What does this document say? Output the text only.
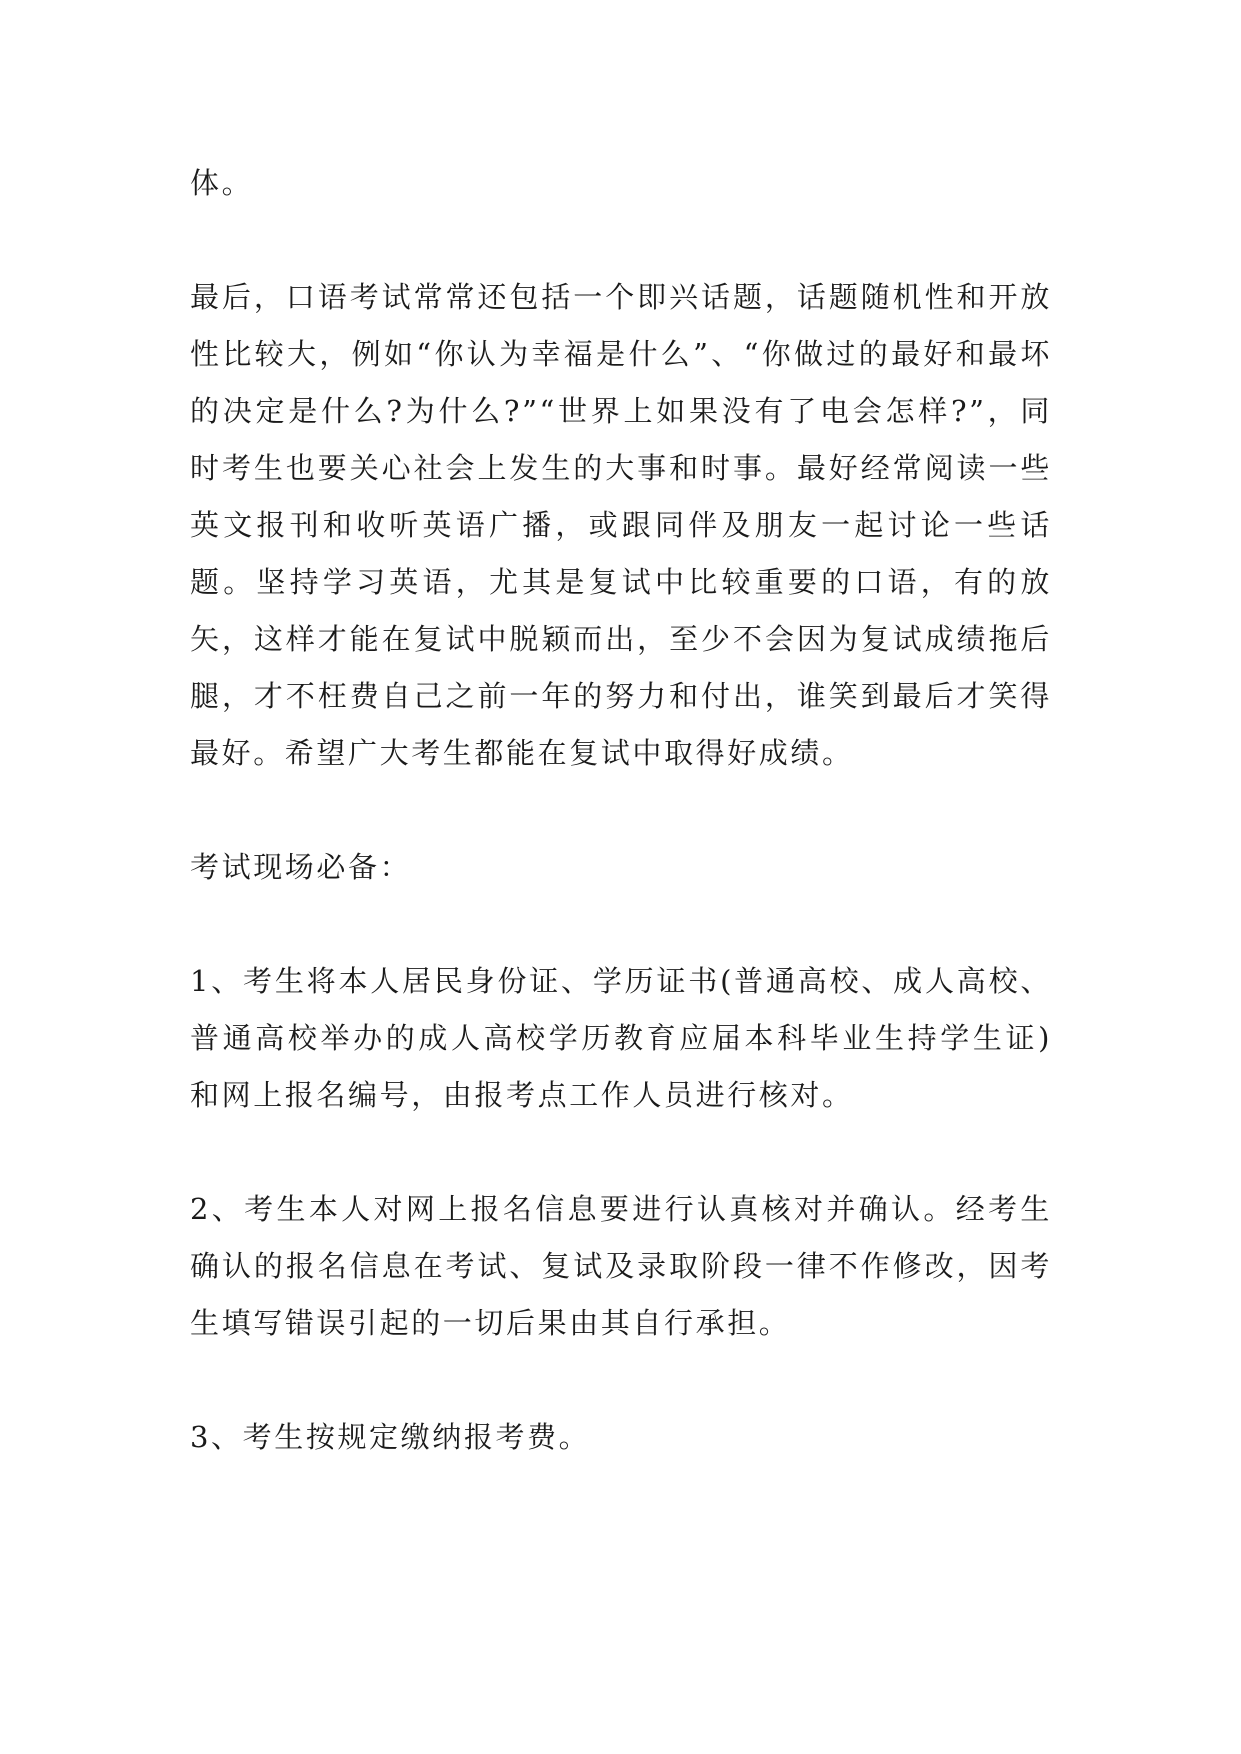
体。

最后，口语考试常常还包括一个即兴话题，话题随机性和开放性比较大，例如“你认为幸福是什么”、“你做过的最好和最坏的决定是什么?为什么?”“世界上如果没有了电会怎样?”，同时考生也要关心社会上发生的大事和时事。最好经常阅读一些英文报刊和收听英语广播，或跟同伴及朋友一起讨论一些话题。坚持学习英语，尤其是复试中比较重要的口语，有的放矢，这样才能在复试中脱颖而出，至少不会因为复试成绩拖后腿，才不枉费自己之前一年的努力和付出，谁笑到最后才笑得最好。希望广大考生都能在复试中取得好成绩。

考试现场必备：

1、考生将本人居民身份证、学历证书(普通高校、成人高校、普通高校举办的成人高校学历教育应届本科毕业生持学生证)和网上报名编号，由报考点工作人员进行核对。

2、考生本人对网上报名信息要进行认真核对并确认。经考生确认的报名信息在考试、复试及录取阶段一律不作修改，因考生填写错误引起的一切后果由其自行承担。

3、考生按规定缴纳报考费。
